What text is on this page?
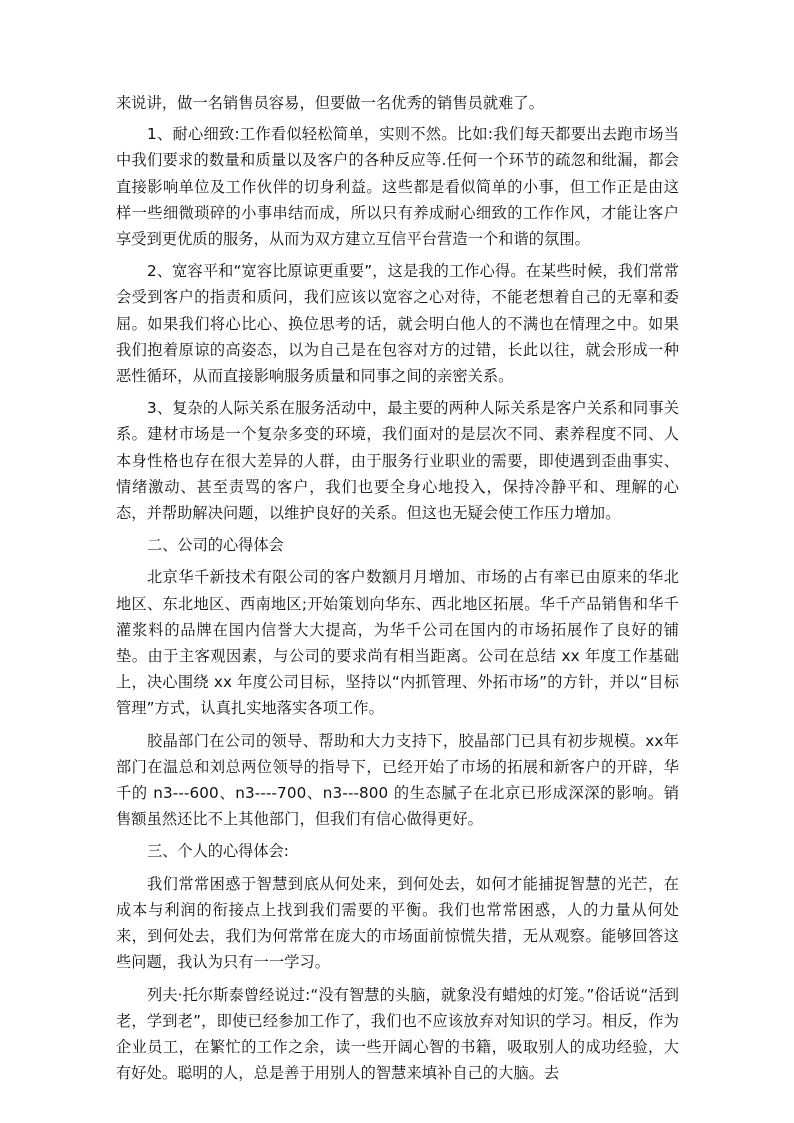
来说讲，做一名销售员容易，但要做一名优秀的销售员就难了。

1、耐心细致:工作看似轻松简单，实则不然。比如:我们每天都要出去跑市场当中我们要求的数量和质量以及客户的各种反应等.任何一个环节的疏忽和纰漏，都会直接影响单位及工作伙伴的切身利益。这些都是看似简单的小事，但工作正是由这样一些细微琐碎的小事串结而成，所以只有养成耐心细致的工作作风，才能让客户享受到更优质的服务，从而为双方建立互信平台营造一个和谐的氛围。

2、宽容平和“宽容比原谅更重要”，这是我的工作心得。在某些时候，我们常常会受到客户的指责和质问，我们应该以宽容之心对待，不能老想着自己的无辜和委屈。如果我们将心比心、换位思考的话，就会明白他人的不满也在情理之中。如果我们抱着原谅的高姿态，以为自己是在包容对方的过错，长此以往，就会形成一种恶性循环，从而直接影响服务质量和同事之间的亲密关系。

3、复杂的人际关系在服务活动中，最主要的两种人际关系是客户关系和同事关系。建材市场是一个复杂多变的环境，我们面对的是层次不同、素养程度不同、人本身性格也存在很大差异的人群，由于服务行业职业的需要，即使遇到歪曲事实、情绪激动、甚至责骂的客户，我们也要全身心地投入，保持冷静平和、理解的心态，并帮助解决问题，以维护良好的关系。但这也无疑会使工作压力增加。

二、公司的心得体会

北京华千新技术有限公司的客户数额月月增加、市场的占有率已由原来的华北地区、东北地区、西南地区;开始策划向华东、西北地区拓展。华千产品销售和华千灌浆料的品牌在国内信誉大大提高，为华千公司在国内的市场拓展作了良好的铺垫。由于主客观因素，与公司的要求尚有相当距离。公司在总结 xx 年度工作基础上，决心围绕 xx 年度公司目标，坚持以“内抓管理、外拓市场”的方针，并以“目标管理”方式，认真扎实地落实各项工作。

胶晶部门在公司的领导、帮助和大力支持下，胶晶部门已具有初步规模。xx年部门在温总和刘总两位领导的指导下，已经开始了市场的拓展和新客户的开辟，华千的 n3---600、n3----700、n3---800 的生态腻子在北京已形成深深的影响。销售额虽然还比不上其他部门，但我们有信心做得更好。

三、个人的心得体会:

我们常常困惑于智慧到底从何处来，到何处去，如何才能捕捉智慧的光芒，在成本与利润的衔接点上找到我们需要的平衡。我们也常常困惑，人的力量从何处来，到何处去，我们为何常常在庞大的市场面前惊慌失措，无从观察。能够回答这些问题，我认为只有一一学习。

列夫·托尔斯泰曾经说过:“没有智慧的头脑，就象没有蜡烛的灯笼。”俗话说“活到老，学到老”，即使已经参加工作了，我们也不应该放弃对知识的学习。相反，作为企业员工，在繁忙的工作之余，读一些开阔心智的书籍，吸取别人的成功经验，大有好处。聪明的人，总是善于用别人的智慧来填补自己的大脑。去
